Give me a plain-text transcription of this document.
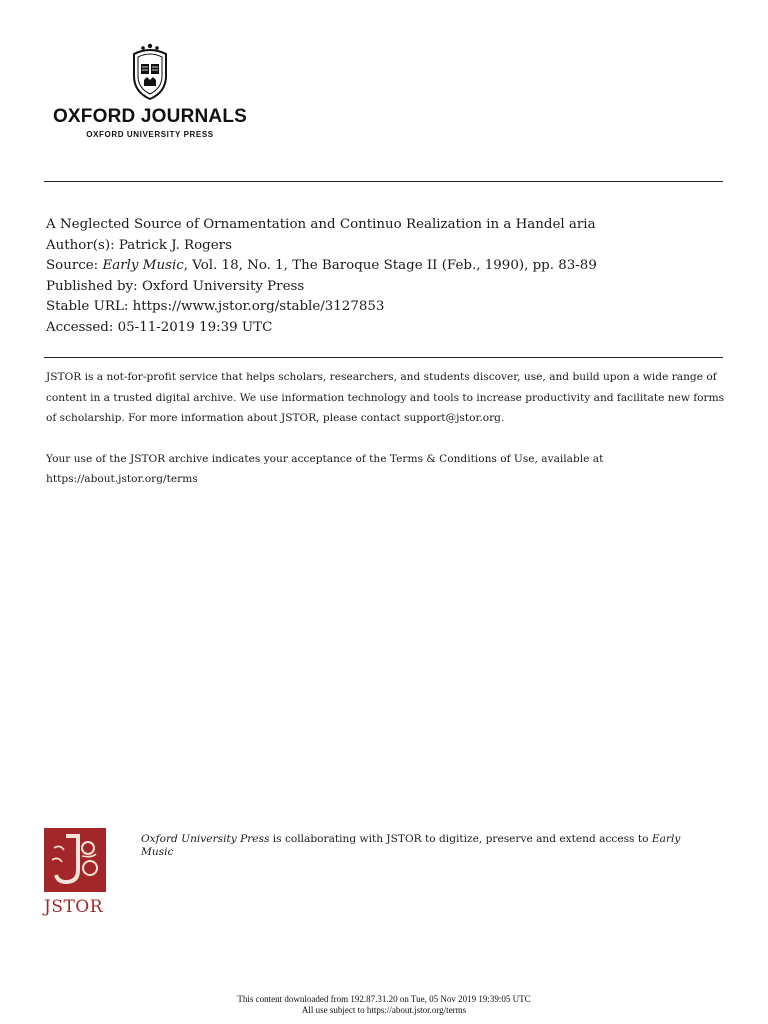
OXFORD JOURNALS
OXFORD UNIVERSITY PRESS
A Neglected Source of Ornamentation and Continuo Realization in a Handel aria
Author(s): Patrick J. Rogers
Source: Early Music, Vol. 18, No. 1, The Baroque Stage II (Feb., 1990), pp. 83-89
Published by: Oxford University Press
Stable URL: https://www.jstor.org/stable/3127853
Accessed: 05-11-2019 19:39 UTC

JSTOR is a not-for-profit service that helps scholars, researchers, and students discover, use, and build upon a wide range of content in a trusted digital archive. We use information technology and tools to increase productivity and facilitate new forms of scholarship. For more information about JSTOR, please contact support@jstor.org.

Your use of the JSTOR archive indicates your acceptance of the Terms & Conditions of Use, available at https://about.jstor.org/terms

JSTOR
Oxford University Press is collaborating with JSTOR to digitize, preserve and extend access to Early Music
This content downloaded from 192.87.31.20 on Tue, 05 Nov 2019 19:39:05 UTC
All use subject to https://about.jstor.org/terms
